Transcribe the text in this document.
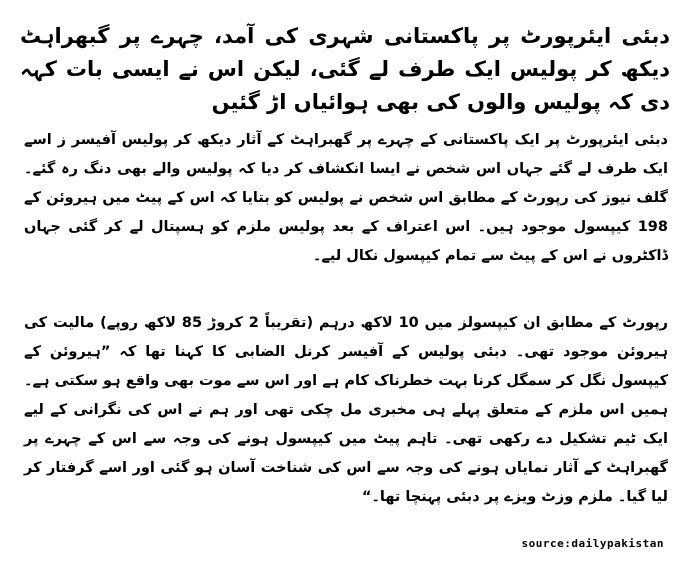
دبئی ایئرپورٹ پر پاکستانی شہری کی آمد، چہرے پر گبھراہٹ دیکھ کر پولیس ایک طرف لے گئی، لیکن اس نے ایسی بات کہہ دی کہ پولیس والوں کی بھی ہوائیاں اڑ گئیں
دبئی ایئرپورٹ پر ایک پاکستانی کے چہرے پر گھبراہٹ کے آثار دیکھ کر پولیس آفیسر ز اسے ایک طرف لے گئے جہاں اس شخص نے ایسا انکشاف کر دیا کہ پولیس والے بھی دنگ رہ گئے۔ گلف نیوز کی رپورٹ کے مطابق اس شخص نے پولیس کو بتایا کہ اس کے پیٹ میں ہیروئن کے 198 کیپسول موجود ہیں۔ اس اعتراف کے بعد پولیس ملزم کو ہسپتال لے کر گئی جہاں ڈاکٹروں نے اس کے پیٹ سے تمام کیپسول نکال لیے۔
رپورٹ کے مطابق ان کیپسولز میں 10 لاکھ درہم (تقریباً 2 کروڑ 85 لاکھ روپے) مالیت کی ہیروئن موجود تھی۔ دبئی پولیس کے آفیسر کرنل الضابی کا کہنا تھا کہ ”ہیروئن کے کیپسول نگل کر سمگل کرنا بہت خطرناک کام ہے اور اس سے موت بھی واقع ہو سکتی ہے۔ ہمیں اس ملزم کے متعلق پہلے ہی مخبری مل چکی تھی اور ہم نے اس کی نگرانی کے لیے ایک ٹیم تشکیل دے رکھی تھی۔ تاہم پیٹ میں کیپسول ہونے کی وجہ سے اس کے چہرے پر گھبراہٹ کے آثار نمایاں ہونے کی وجہ سے اس کی شناخت آسان ہو گئی اور اسے گرفتار کر لیا گیا۔ ملزم وزٹ ویزے پر دبئی پہنچا تھا۔“
source:dailypakistan
